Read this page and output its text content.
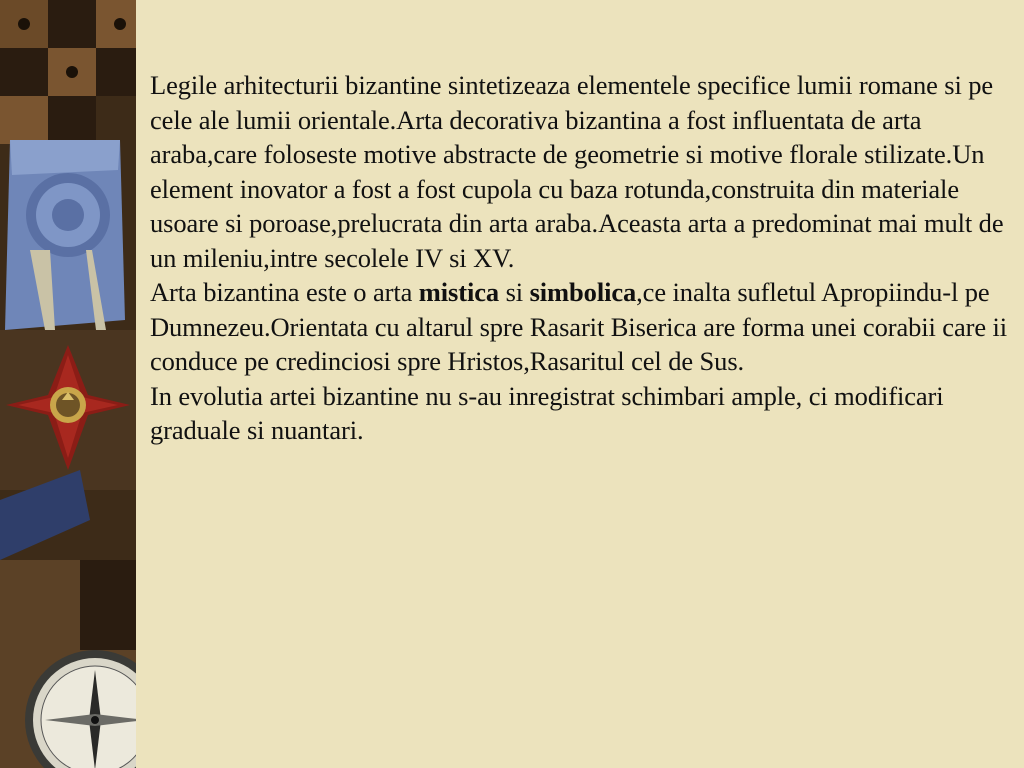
Legile arhitecturii bizantine sintetizeaza elementele specifice lumii romane si pe cele ale lumii orientale.Arta decorativa bizantina a fost influentata de arta araba,care foloseste motive abstracte de geometrie si motive florale stilizate.Un element inovator a fost a fost cupola cu baza rotunda,construita din materiale usoare si poroase,prelucrata din arta araba.Aceasta arta a predominat mai mult de un mileniu,intre secolele IV si XV.

Arta bizantina este o arta mistica si simbolica,ce inalta sufletul Apropiindu-l pe Dumnezeu.Orientata cu altarul spre Rasarit Biserica are forma unei corabii care ii conduce pe credinciosi spre Hristos,Rasaritul cel de Sus.

In evolutia artei bizantine nu s-au inregistrat schimbari ample, ci modificari graduale si nuantari.
